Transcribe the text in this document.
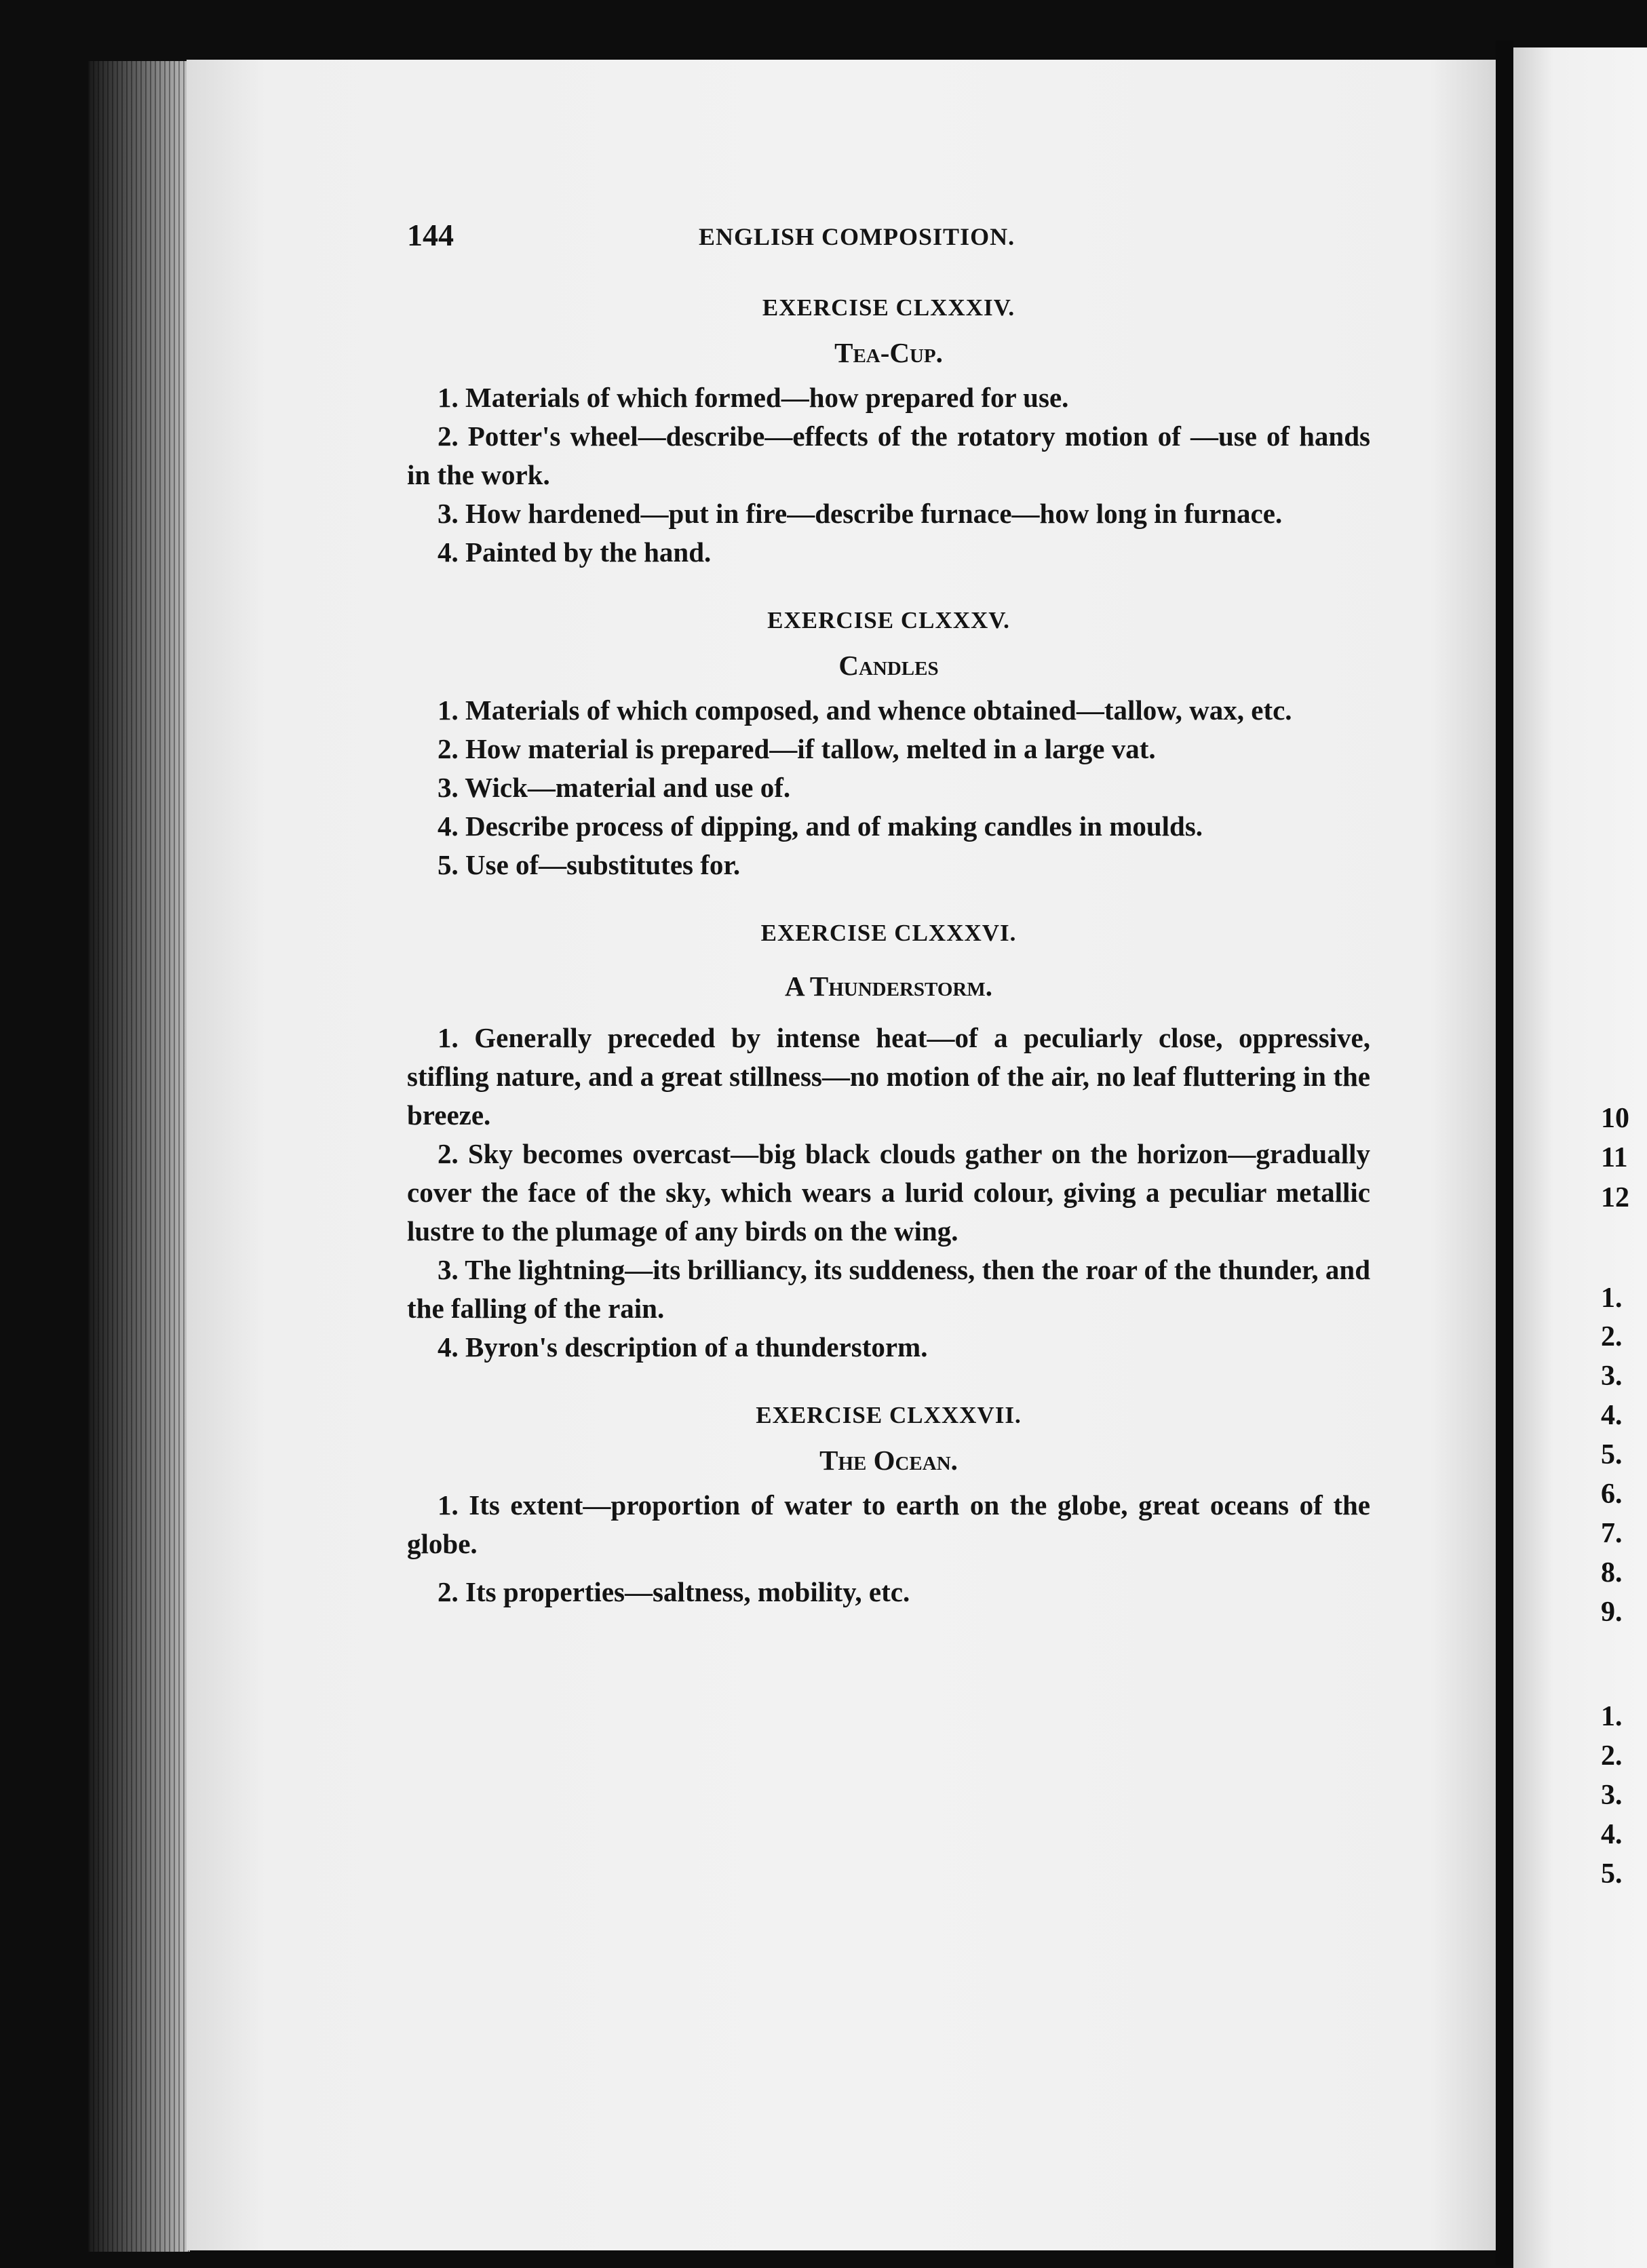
10
11
12
1.
2.
3.
4.
5.
6.
7.
8.
9.
1.
2.
3.
4.
5.
144	ENGLISH COMPOSITION.

EXERCISE CLXXXIV.

Tea-Cup.

1. Materials of which formed—how prepared for use.

2. Potter's wheel—describe—effects of the rotatory motion of —use of hands in the work.

3. How hardened—put in fire—describe furnace—how long in furnace.

4. Painted by the hand.

EXERCISE CLXXXV.

Candles

1. Materials of which composed, and whence obtained—tallow, wax, etc.

2. How material is prepared—if tallow, melted in a large vat.

3. Wick—material and use of.

4. Describe process of dipping, and of making candles in moulds.

5. Use of—substitutes for.

EXERCISE CLXXXVI.

A Thunderstorm.

1. Generally preceded by intense heat—of a peculiarly close, oppressive, stifling nature, and a great stillness—no motion of the air, no leaf fluttering in the breeze.

2. Sky becomes overcast—big black clouds gather on the horizon—gradually cover the face of the sky, which wears a lurid colour, giving a peculiar metallic lustre to the plumage of any birds on the wing.

3. The lightning—its brilliancy, its suddeness, then the roar of the thunder, and the falling of the rain.

4. Byron's description of a thunderstorm.

EXERCISE CLXXXVII.

The Ocean.

1. Its extent—proportion of water to earth on the globe, great oceans of the globe.

2. Its properties—saltness, mobility, etc.
